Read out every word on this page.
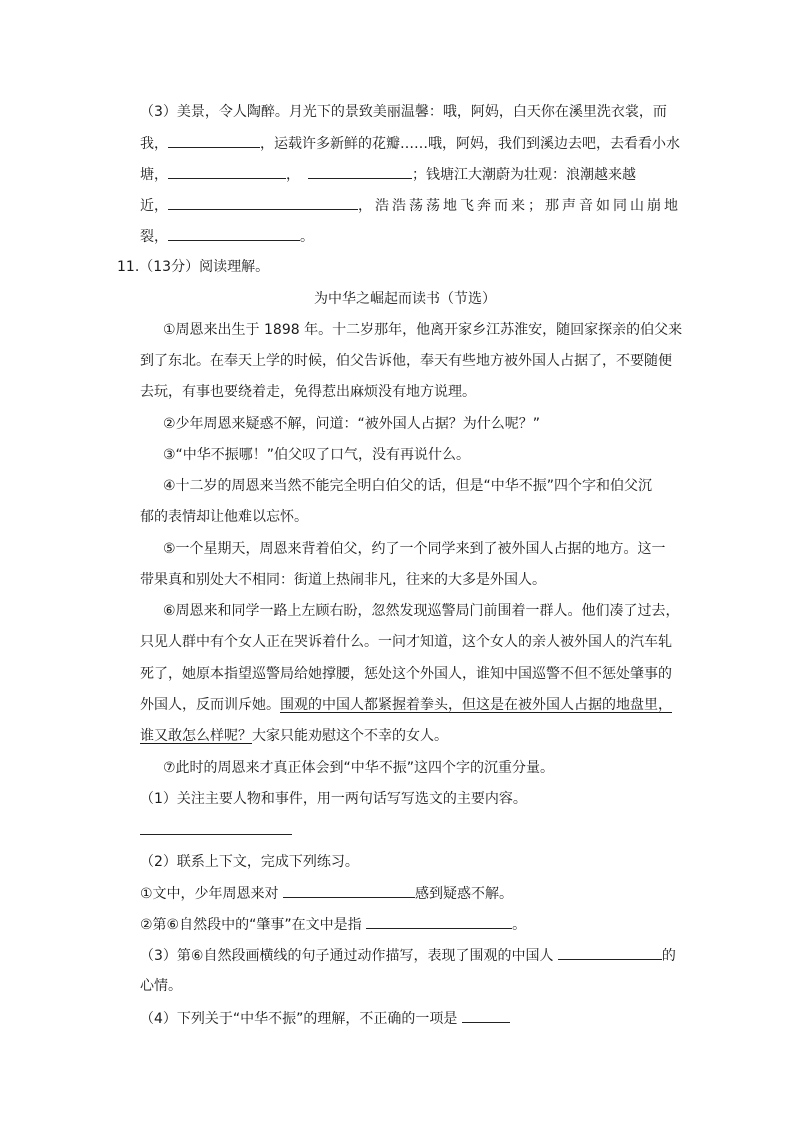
（3）美景，令人陶醉。月光下的景致美丽温馨：哦，阿妈，白天你在溪里洗衣裳，而
我，	，运载许多新鲜的花瓣……哦，阿妈，我们到溪边去吧，去看看小水
塘，	，	；钱塘江大潮蔚为壮观：浪潮越来越
近，	，浩浩荡荡地飞奔而来；那声音如同山崩地
裂，	。
11.（13分）阅读理解。
为中华之崛起而读书（节选）
①周恩来出生于 1898 年。十二岁那年，他离开家乡江苏淮安，随回家探亲的伯父来
到了东北。在奉天上学的时候，伯父告诉他，奉天有些地方被外国人占据了，不要随便
去玩，有事也要绕着走，免得惹出麻烦没有地方说理。
②少年周恩来疑惑不解，问道：“被外国人占据？为什么呢？”
③“中华不振哪！”伯父叹了口气，没有再说什么。
④十二岁的周恩来当然不能完全明白伯父的话，但是“中华不振”四个字和伯父沉
郁的表情却让他难以忘怀。
⑤一个星期天，周恩来背着伯父，约了一个同学来到了被外国人占据的地方。这一
带果真和别处大不相同：街道上热闹非凡，往来的大多是外国人。
⑥周恩来和同学一路上左顾右盼，忽然发现巡警局门前围着一群人。他们凑了过去，
只见人群中有个女人正在哭诉着什么。一问才知道，这个女人的亲人被外国人的汽车轧
死了，她原本指望巡警局给她撑腰，惩处这个外国人，谁知中国巡警不但不惩处肇事的
外国人，反而训斥她。围观的中国人都紧握着拳头，但这是在被外国人占据的地盘里，
谁又敢怎么样呢？大家只能劝慰这个不幸的女人。
⑦此时的周恩来才真正体会到“中华不振”这四个字的沉重分量。
（1）关注主要人物和事件，用一两句话写写选文的主要内容。
（2）联系上下文，完成下列练习。
①文中，少年周恩来对	感到疑惑不解。
②第⑥自然段中的“肇事”在文中是指	。
（3）第⑥自然段画横线的句子通过动作描写，表现了围观的中国人	的
心情。
（4）下列关于“中华不振”的理解，不正确的一项是
